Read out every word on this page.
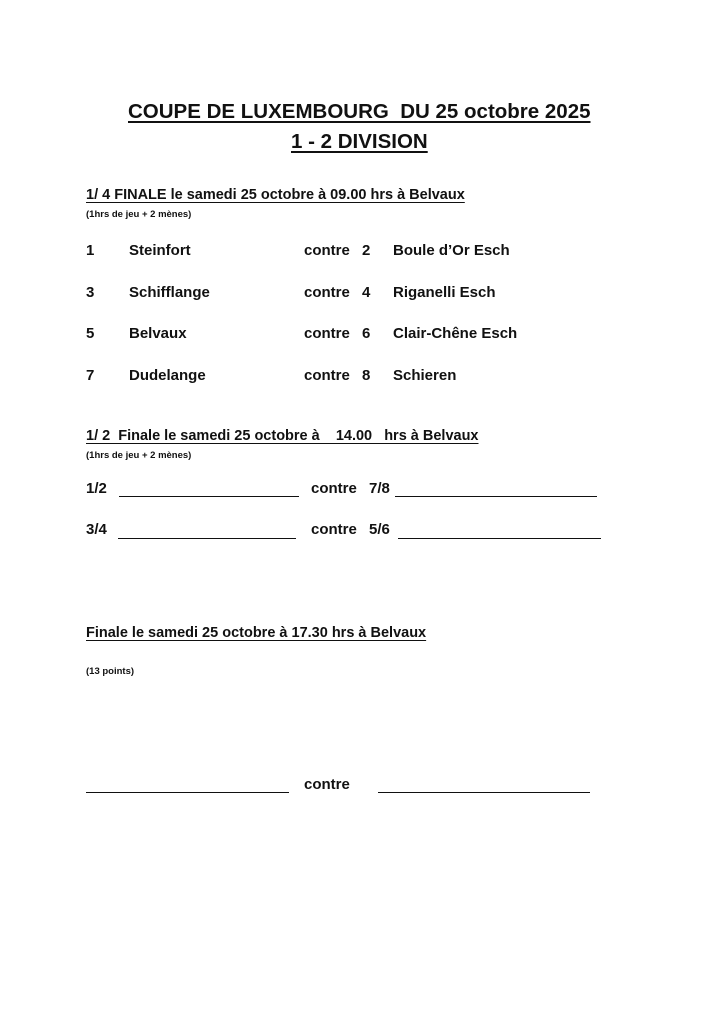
COUPE DE LUXEMBOURG  DU 25 octobre 2025
1 - 2 DIVISION
1/ 4 FINALE le samedi 25 octobre à 09.00 hrs à Belvaux
(1hrs de jeu + 2 mènes)
1 Steinfort	contre 2 Boule d’Or Esch
3 Schifflange	contre 4 Riganelli Esch
5 Belvaux	contre 6 Clair-Chêne Esch
7 Dudelange	contre 8 Schieren
1/ 2  Finale le samedi 25 octobre à    14.00   hrs à Belvaux
(1hrs de jeu + 2 mènes)
1/2	contre 7/8
3/4	contre 5/6
Finale le samedi 25 octobre à 17.30 hrs à Belvaux
(13 points)
contre
